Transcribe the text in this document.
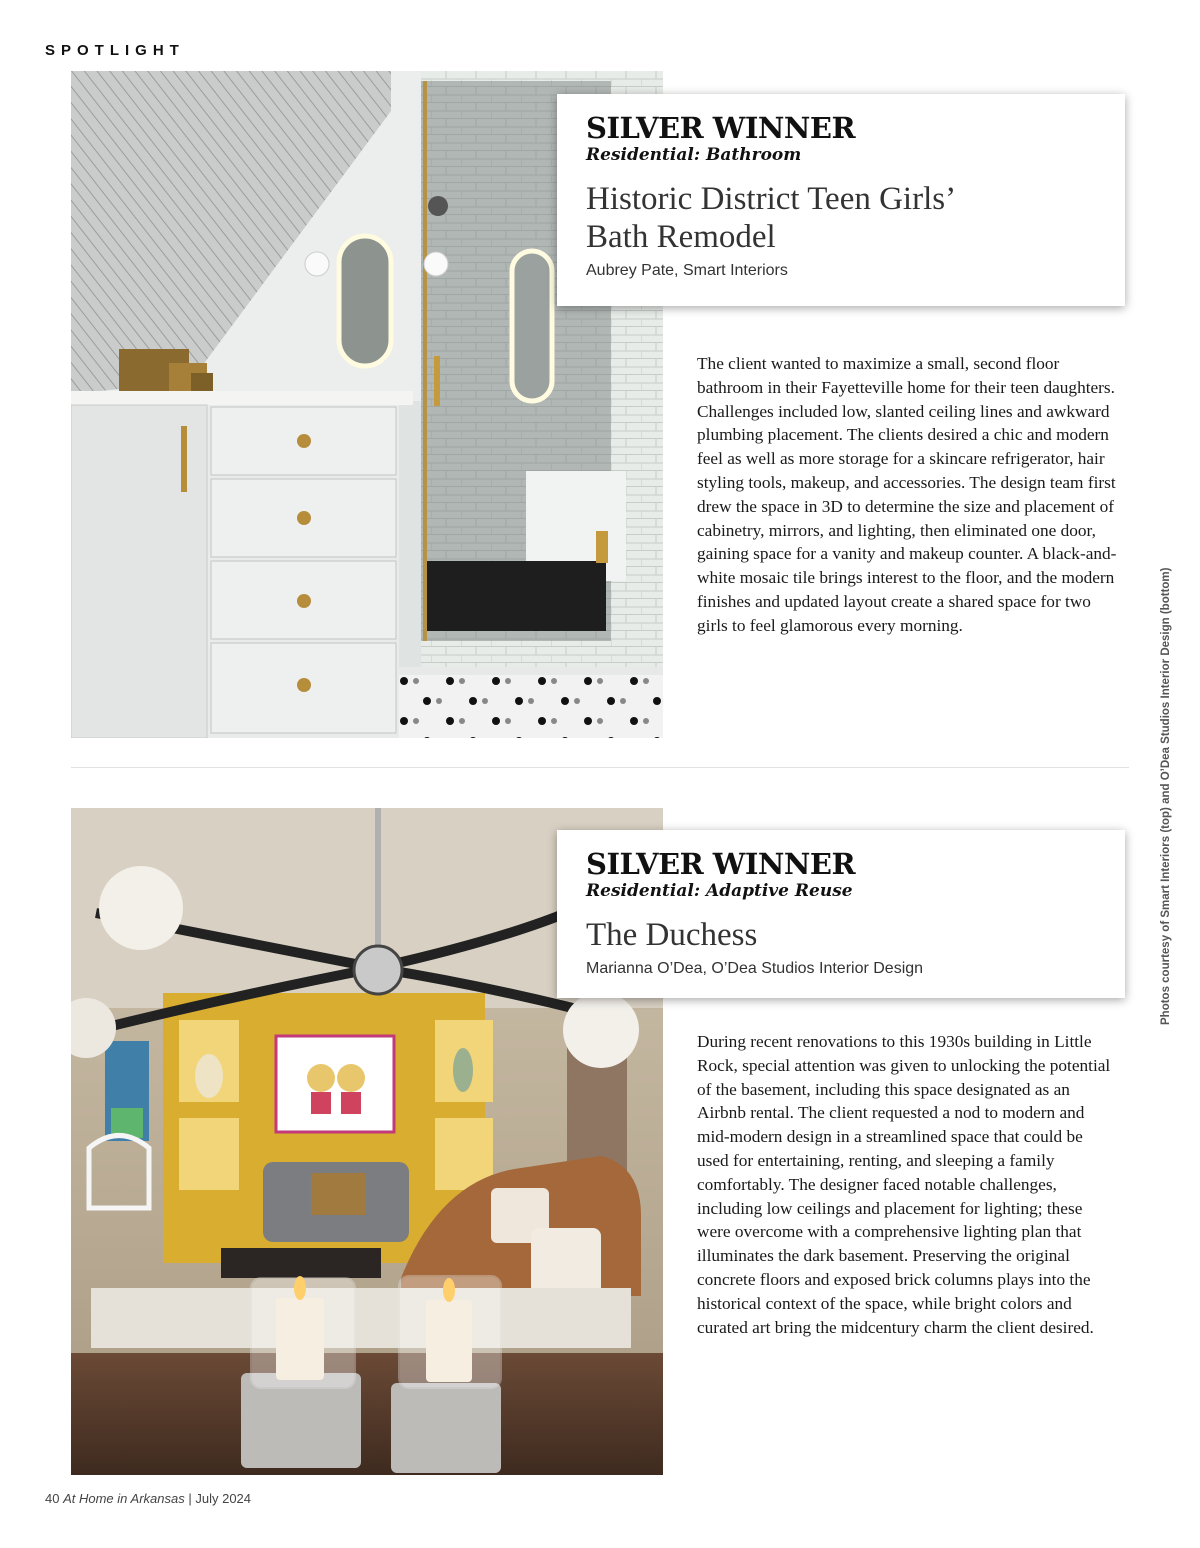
SPOTLIGHT
SILVER WINNER
Residential: Bathroom
Historic District Teen Girls’
Bath Remodel
Aubrey Pate, Smart Interiors
The client wanted to maximize a small, second floor bathroom in their Fayetteville home for their teen daughters. Challenges included low, slanted ceiling lines and awkward plumbing placement. The clients desired a chic and modern feel as well as more storage for a skincare refrigerator, hair styling tools, makeup, and accessories. The design team first drew the space in 3D to determine the size and placement of cabinetry, mirrors, and lighting, then eliminated one door, gaining space for a vanity and makeup counter. A black-and-white mosaic tile brings interest to the floor, and the modern finishes and updated layout create a shared space for two girls to feel glamorous every morning.
SILVER WINNER
Residential: Adaptive Reuse
The Duchess
Marianna O’Dea, O’Dea Studios Interior Design
During recent renovations to this 1930s building in Little Rock, special attention was given to unlocking the potential of the basement, including this space designated as an Airbnb rental. The client requested a nod to modern and mid-modern design in a streamlined space that could be used for entertaining, renting, and sleeping a family comfortably. The designer faced notable challenges, including low ceilings and placement for lighting; these were overcome with a comprehensive lighting plan that illuminates the dark basement. Preserving the original concrete floors and exposed brick columns plays into the historical context of the space, while bright colors and curated art bring the midcentury charm the client desired.
Photos courtesy of Smart Interiors (top) and O’Dea Studios Interior Design (bottom)
40 At Home in Arkansas | July 2024
